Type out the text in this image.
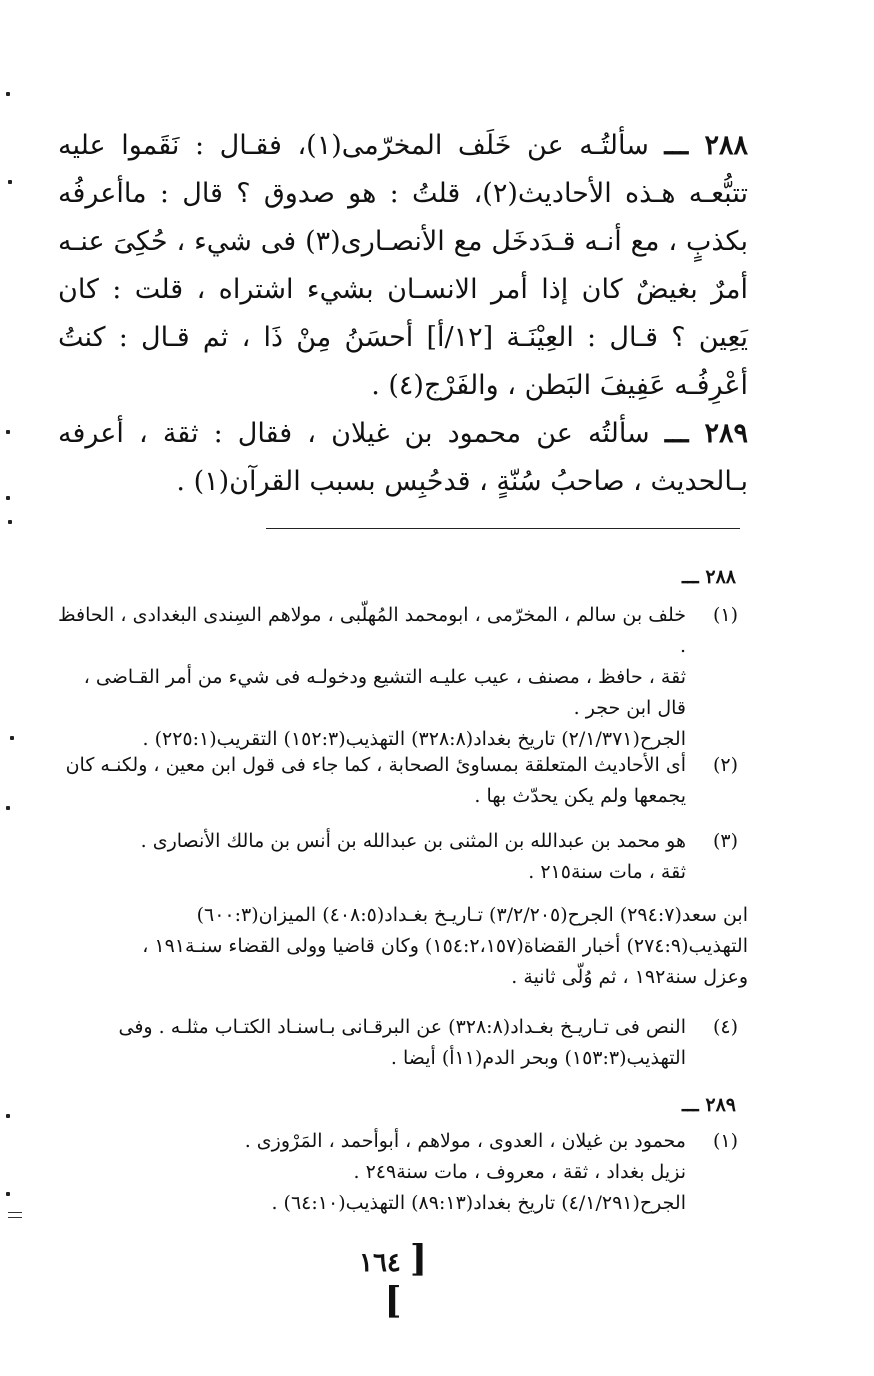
٢٨٨ ـــ سألتُـه عن خَلَف المخرّمى(١)، فقـال : نَقَموا عليه تتبُّعـه هـذه الأحاديث(٢)، قلتُ : هو صدوق ؟ قال : ماأعرفُه بكذبٍ ، مع أنـه قـدَدخَل مع الأنصـارى(٣) فى شيء ، حُكِىَ عنـه أمرٌ بغيضٌ كان إذا أمر الانسـان بشيء اشتراه ، قلت : كان يَعِين ؟ قـال : العِيْنَـة [١٢/أ] أحسَنُ مِنْ ذَا ، ثم قـال : كنتُ أعْرِفُـه عَفِيفَ البَطن ، والفَرْج(٤) .
٢٨٩ ـــ سألتُه عن محمود بن غيلان ، فقال : ثقة ، أعرفه بـالحديث ، صاحبُ سُنّةٍ ، قدحُبِس بسبب القرآن(١) .
٢٨٨ ـــ
(١)
خلف بن سالم ، المخرّمى ، ابومحمد المُهلّبى ، مولاهم السِندى البغدادى ، الحافظ .
ثقة ، حافظ ، مصنف ، عيب عليـه التشيع ودخولـه فى شيء من أمر القـاضى ،
قال ابن حجر .
الجرح(٢/١/٣٧١) تاريخ بغداد(٣٢٨:٨) التهذيب(١٥٢:٣) التقريب(٢٢٥:١) .
(٢)
أى الأحاديث المتعلقة بمساوئ الصحابة ، كما جاء فى قول ابن معين ، ولكنـه كان
يجمعها ولم يكن يحدّث بها .
(٣)
هو محمد بن عبدالله بن المثنى بن عبدالله بن أنس بن مالك الأنصارى .
ثقة ، مات سنة٢١٥ .
ابن سعد(٢٩٤:٧) الجرح(٣/٢/٢٠٥) تـاريـخ بغـداد(٤٠٨:٥) الميزان(٦٠٠:٣)
التهذيب(٢٧٤:٩) أخبار القضاة(١٥٤:٢،١٥٧) وكان قاضيا وولى القضاء سنـة١٩١ ،
وعزل سنة١٩٢ ، ثم وُلّى ثانية .
(٤)
النص فى تـاريـخ بغـداد(٣٢٨:٨) عن البرقـانى بـاسنـاد الكتـاب مثلـه . وفى
التهذيب(١٥٣:٣) وبحر الدم(١١أ) أيضا .
٢٨٩ ـــ
(١)
محمود بن غيلان ، العدوى ، مولاهم ، أبوأحمد ، المَرْوزى .
نزيل بغداد ، ثقة ، معروف ، مات سنة٢٤٩ .
الجرح(٤/١/٢٩١) تاريخ بغداد(٨٩:١٣) التهذيب(٦٤:١٠) .
[ ١٦٤ ]
